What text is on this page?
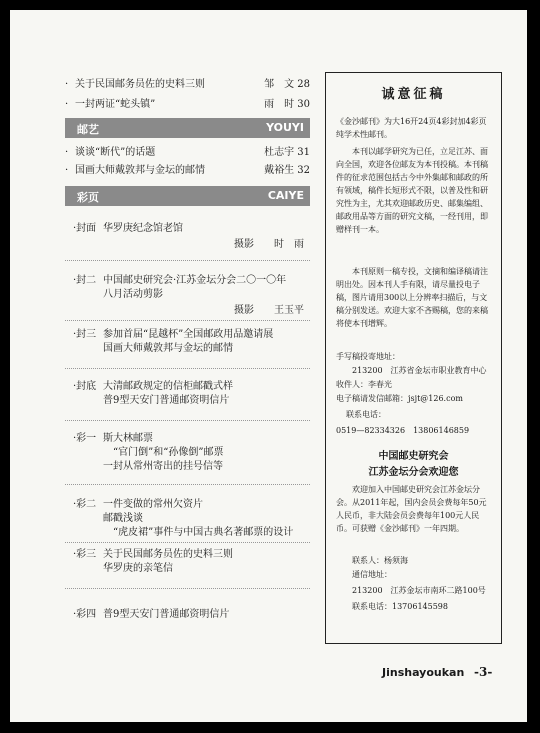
· 关于民国邮务员佐的史料三则	邹　文 28
· 一封两证“蛇头镇”	雨　时 30
邮艺	YOUYI
· 谈谈“断代”的话题	杜志宇 31
· 国画大师戴敦邦与金坛的邮情	戴裕生 32
彩页	CAIYE
·封面 华罗庚纪念馆老馆
摄影　　时　雨
·封二 中国邮史研究会·江苏金坛分会二〇一〇年
八月活动剪影
摄影　　王玉平
·封三 参加首届“昆越杯”全国邮政用品邀请展
国画大师戴敦邦与金坛的邮情
·封底 大清邮政规定的信柜邮戳式样
普9型天安门普通邮资明信片
·彩一 斯大林邮票
　“官门倒”和“孙像倒”邮票
一封从常州寄出的挂号信等
·彩二 一件变做的常州欠资片
邮戳浅谈
　“虎皮裙”事件与中国古典名著邮票的设计
·彩三 关于民国邮务员佐的史料三则
华罗庚的亲笔信
·彩四 普9型天安门普通邮资明信片
诚意征稿
《金沙邮刊》为大16开24页4彩封加4彩页纯学术性邮刊。
本刊以邮学研究为已任，立足江苏、面向全国，欢迎各位邮友为本刊投稿。本刊稿件的征求范围包括古今中外集邮和邮政的所有领域，稿件长短形式不限，以普及性和研究性为主，尤其欢迎邮政历史、邮集编组、邮政用品等方面的研究文稿，一经刊用，即赠样刊一本。
本刊原则一稿专投，文摘和编译稿请注明出处。因本刊人手有限，请尽量投电子稿，图片请用300以上分辨率扫描后，与文稿分别发送。欢迎大家不吝赐稿，您的来稿将使本刊增辉。
手写稿投寄地址：
213200　江苏省金坛市职业教育中心
收件人：李春光
电子稿请发信邮箱：jsjt@126.com
联系电话：
0519—82334326　13806146859
中国邮史研究会
江苏金坛分会欢迎您
欢迎加入中国邮史研究会江苏金坛分会。从2011年起，国内会员会费每年50元人民币，非大陆会员会费每年100元人民币。可获赠《金沙邮刊》一年四期。
联系人：杨须海
通信地址：
213200　江苏金坛市南环二路100号
联系电话：13706145598
Jinshayoukan -3-
